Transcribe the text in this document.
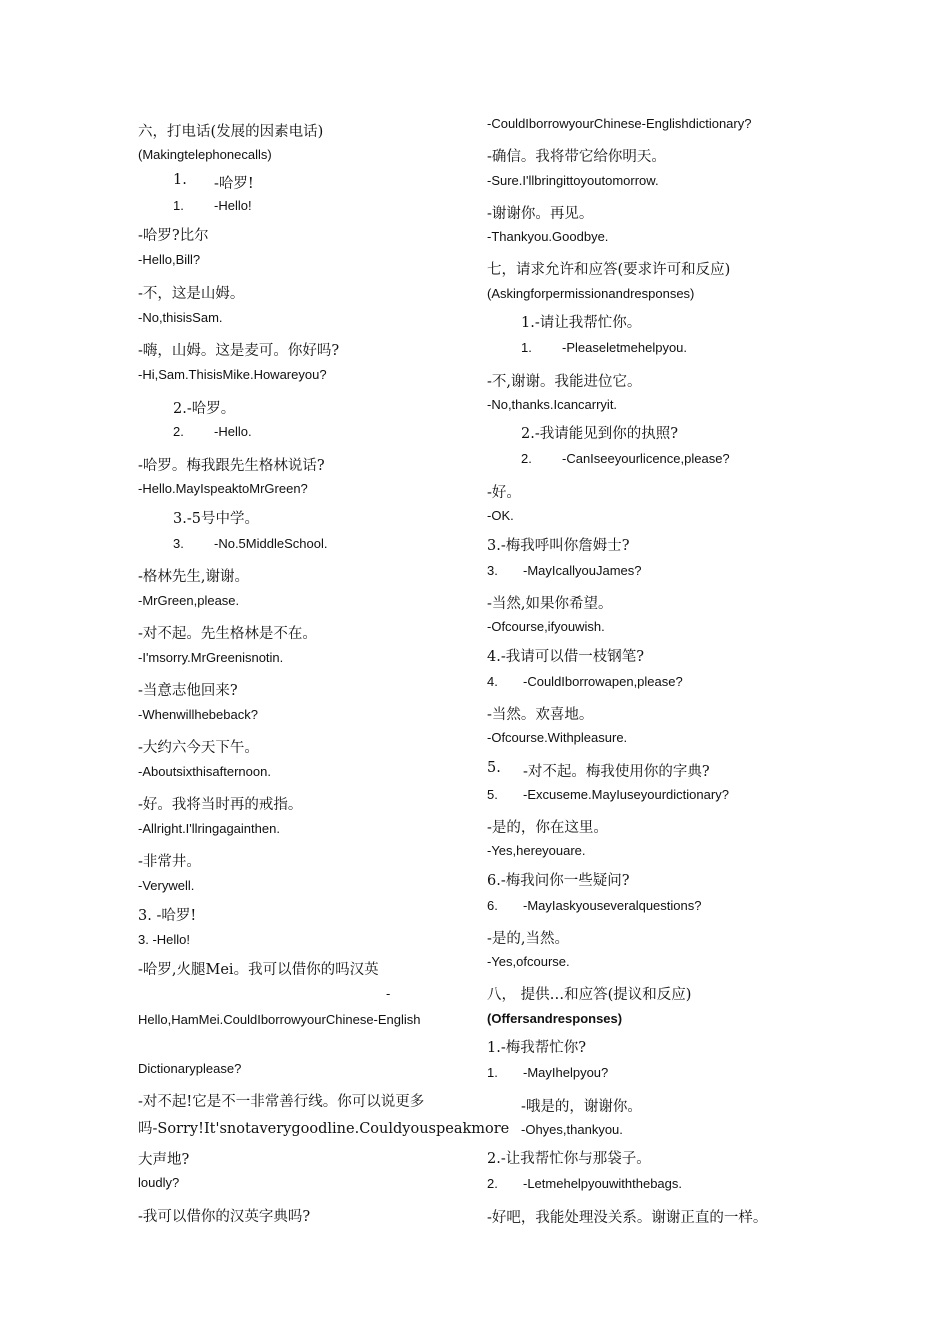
六，打电话(发展的因素电话)
(Makingtelephonecalls)
1. -哈罗!
1. -Hello!
-哈罗?比尔
-Hello,Bill?
-不，这是山姆。
-No,thisisSam.
-嗨，山姆。这是麦可。你好吗?
-Hi,Sam.ThisisMike.Howareyou?
2.-哈罗。
2. -Hello.
-哈罗。梅我跟先生格林说话?
-Hello.MayIspeaktoMrGreen?
3.-5号中学。
3. -No.5MiddleSchool.
-格林先生,谢谢。
-MrGreen,please.
-对不起。先生格林是不在。
-I'msorry.MrGreenisnotin.
-当意志他回来?
-Whenwillhebeback?
-大约六今天下午。
-Aboutsixthisafternoon.
-好。我将当时再的戒指。
-Allright.I'llringagainthen.
-非常井。
-Verywell.
3. -哈罗!
3. -Hello!
-哈罗,火腿Mei。我可以借你的吗汉英
-
Hello,HamMei.CouldIborrowyourChinese-English
Dictionaryplease?
-对不起!它是不一非常善行线。你可以说更多
吗-Sorry!It'snotaverygoodline.Couldyouspeakmore
大声地?
loudly?
-我可以借你的汉英字典吗?
-CouldIborrowyourChinese-Englishdictionary?
-确信。我将带它给你明天。
-Sure.I'llbringittoyoutomorrow.
-谢谢你。再见。
-Thankyou.Goodbye.
七，请求允许和应答(要求许可和反应)
(Askingforpermissionandresponses)
1.-请让我帮忙你。
1. -Pleaseletmehelpyou.
-不,谢谢。我能进位它。
-No,thanks.Icancarryit.
2.-我请能见到你的执照?
2. -CanIseeyourlicence,please?
-好。
-OK.
3.-梅我呼叫你詹姆士?
3. -MayIcallyouJames?
-当然,如果你希望。
-Ofcourse,ifyouwish.
4.-我请可以借一枝钢笔?
4. -CouldIborrowapen,please?
-当然。欢喜地。
-Ofcourse.Withpleasure.
5. -对不起。梅我使用你的字典?
5. -Excuseme.MayIuseyourdictionary?
-是的，你在这里。
-Yes,hereyouare.
6.-梅我问你一些疑问?
6. -MayIaskyouseveralquestions?
-是的,当然。
-Yes,ofcourse.
八， 提供…和应答(提议和反应)
(Offersandresponses)
1.-梅我帮忙你?
1. -MayIhelpyou?
-哦是的，谢谢你。
-Ohyes,thankyou.
2.-让我帮忙你与那袋子。
2. -Letmehelpyouwiththebags.
-好吧，我能处理没关系。谢谢正直的一样。
